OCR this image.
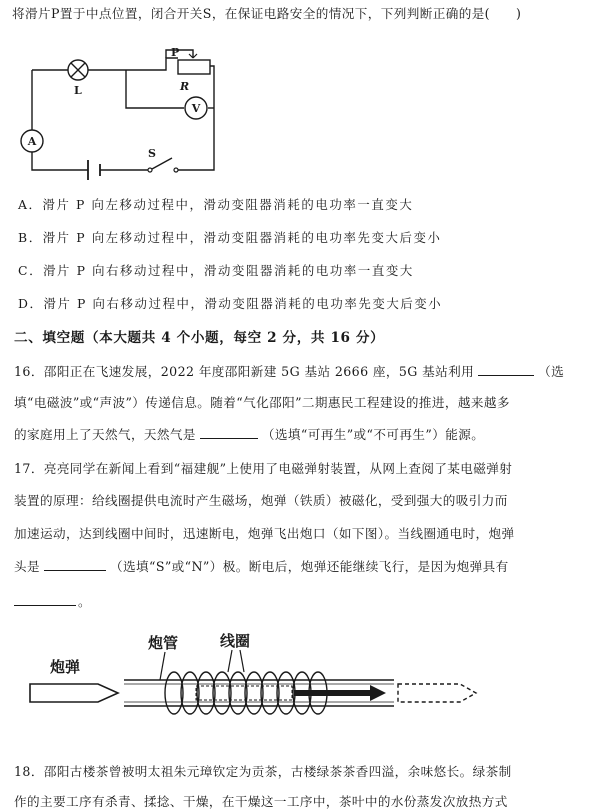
将滑片P置于中点位置，闭合开关S，在保证电路安全的情况下，下列判断正确的是( )
P
R
L
V
A
S
A．滑片 P 向左移动过程中，滑动变阻器消耗的电功率一直变大
B．滑片 P 向左移动过程中，滑动变阻器消耗的电功率先变大后变小
C．滑片 P 向右移动过程中，滑动变阻器消耗的电功率一直变大
D．滑片 P 向右移动过程中，滑动变阻器消耗的电功率先变大后变小
二、填空题（本大题共 4 个小题，每空 2 分，共 16 分）
16．邵阳正在飞速发展，2022 年度邵阳新建 5G 基站 2666 座，5G 基站利用	（选
填“电磁波”或“声波”）传递信息。随着“气化邵阳”二期惠民工程建设的推进，越来越多
的家庭用上了天然气，天然气是	（选填“可再生”或“不可再生”）能源。
17．亮亮同学在新闻上看到“福建舰”上使用了电磁弹射装置，从网上查阅了某电磁弹射
装置的原理：给线圈提供电流时产生磁场，炮弹（铁质）被磁化，受到强大的吸引力而
加速运动，达到线圈中间时，迅速断电，炮弹飞出炮口（如下图）。当线圈通电时，炮弹
头是	（选填“S”或“N”）极。断电后，炮弹还能继续飞行，是因为炮弹具有
。
炮弹
炮管	线圈
18．邵阳古楼茶曾被明太祖朱元璋钦定为贡茶，古楼绿茶茶香四溢，余味悠长。绿茶制
作的主要工序有杀青、揉捻、干燥，在干燥这一工序中，茶叶中的水份蒸发次放热方式
